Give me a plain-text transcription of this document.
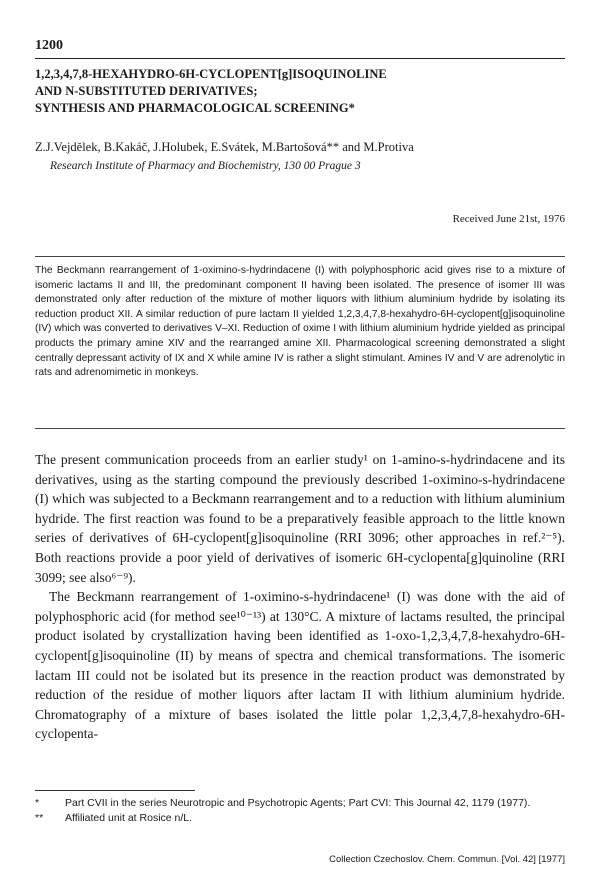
1200
1,2,3,4,7,8-HEXAHYDRO-6H-CYCLOPENT[g]ISOQUINOLINE
AND N-SUBSTITUTED DERIVATIVES;
SYNTHESIS AND PHARMACOLOGICAL SCREENING*
Z.J.Vejdělek, B.Kakáč, J.Holubek, E.Svátek, M.Bartošová** and M.Protiva
Research Institute of Pharmacy and Biochemistry, 130 00 Prague 3
Received June 21st, 1976
The Beckmann rearrangement of 1-oximino-s-hydrindacene (I) with polyphosphoric acid gives rise to a mixture of isomeric lactams II and III, the predominant component II having been isolated. The presence of isomer III was demonstrated only after reduction of the mixture of mother liquors with lithium aluminium hydride by isolating its reduction product XII. A similar reduction of pure lactam II yielded 1,2,3,4,7,8-hexahydro-6H-cyclopent[g]isoquinoline (IV) which was converted to derivatives V–XI. Reduction of oxime I with lithium aluminium hydride yielded as principal products the primary amine XIV and the rearranged amine XII. Pharmacological screening demonstrated a slight centrally depressant activity of IX and X while amine IV is rather a slight stimulant. Amines IV and V are adrenolytic in rats and adrenomimetic in monkeys.

The present communication proceeds from an earlier study¹ on 1-amino-s-hydrindacene and its derivatives, using as the starting compound the previously described 1-oximino-s-hydrindacene (I) which was subjected to a Beckmann rearrangement and to a reduction with lithium aluminium hydride. The first reaction was found to be a preparatively feasible approach to the little known series of derivatives of 6H-cyclopent[g]isoquinoline (RRI 3096; other approaches in ref.²⁻⁵). Both reactions provide a poor yield of derivatives of isomeric 6H-cyclopenta[g]quinoline (RRI 3099; see also⁶⁻⁹).

The Beckmann rearrangement of 1-oximino-s-hydrindacene¹ (I) was done with the aid of polyphosphoric acid (for method see¹⁰⁻¹³) at 130°C. A mixture of lactams resulted, the principal product isolated by crystallization having been identified as 1-oxo-1,2,3,4,7,8-hexahydro-6H-cyclopent[g]isoquinoline (II) by means of spectra and chemical transformations. The isomeric lactam III could not be isolated but its presence in the reaction product was demonstrated by reduction of the residue of mother liquors after lactam II with lithium aluminium hydride. Chromatography of a mixture of bases isolated the little polar 1,2,3,4,7,8-hexahydro-6H-cyclopenta-

* Part CVII in the series Neurotropic and Psychotropic Agents; Part CVI: This Journal 42, 1179 (1977).
** Affiliated unit at Rosice n/L.
Collection Czechoslov. Chem. Commun. [Vol. 42] [1977]
